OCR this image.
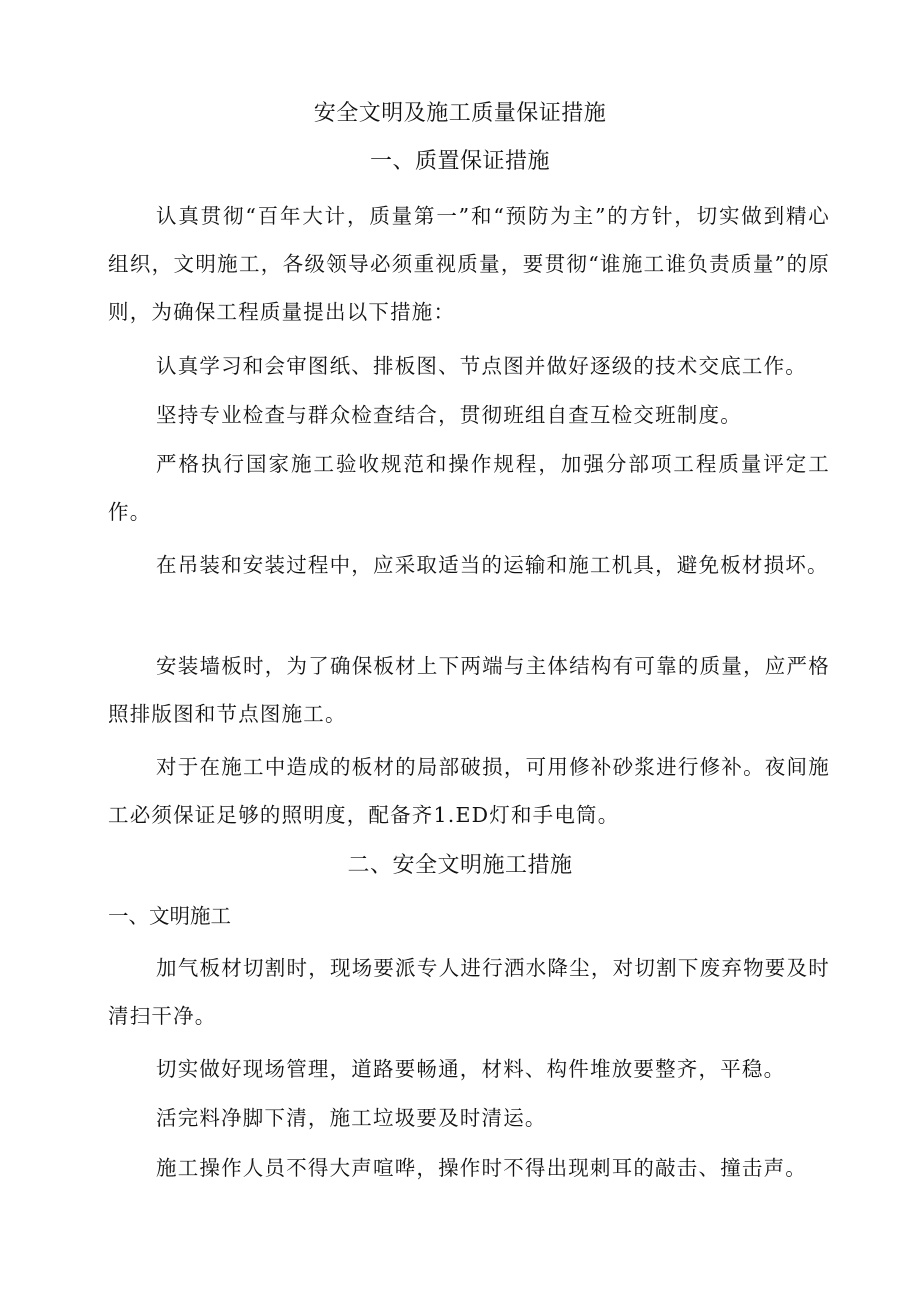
安全文明及施工质量保证措施
一、质置保证措施
认真贯彻“百年大计，质量第一”和“预防为主”的方针，切实做到精心组织，文明施工，各级领导必须重视质量，要贯彻“谁施工谁负责质量”的原则，为确保工程质量提出以下措施：
认真学习和会审图纸、排板图、节点图并做好逐级的技术交底工作。
坚持专业检查与群众检查结合，贯彻班组自查互检交班制度。
严格执行国家施工验收规范和操作规程，加强分部项工程质量评定工作。
在吊装和安装过程中，应采取适当的运输和施工机具，避免板材损坏。
安装墙板时，为了确保板材上下两端与主体结构有可靠的质量，应严格照排版图和节点图施工。
对于在施工中造成的板材的局部破损，可用修补砂浆进行修补。夜间施工必须保证足够的照明度，配备齐1.ED灯和手电筒。
二、安全文明施工措施
一、文明施工
加气板材切割时，现场要派专人进行洒水降尘，对切割下废弃物要及时清扫干净。
切实做好现场管理，道路要畅通，材料、构件堆放要整齐，平稳。
活完料净脚下清，施工垃圾要及时清运。
施工操作人员不得大声喧哗，操作时不得出现刺耳的敲击、撞击声。
